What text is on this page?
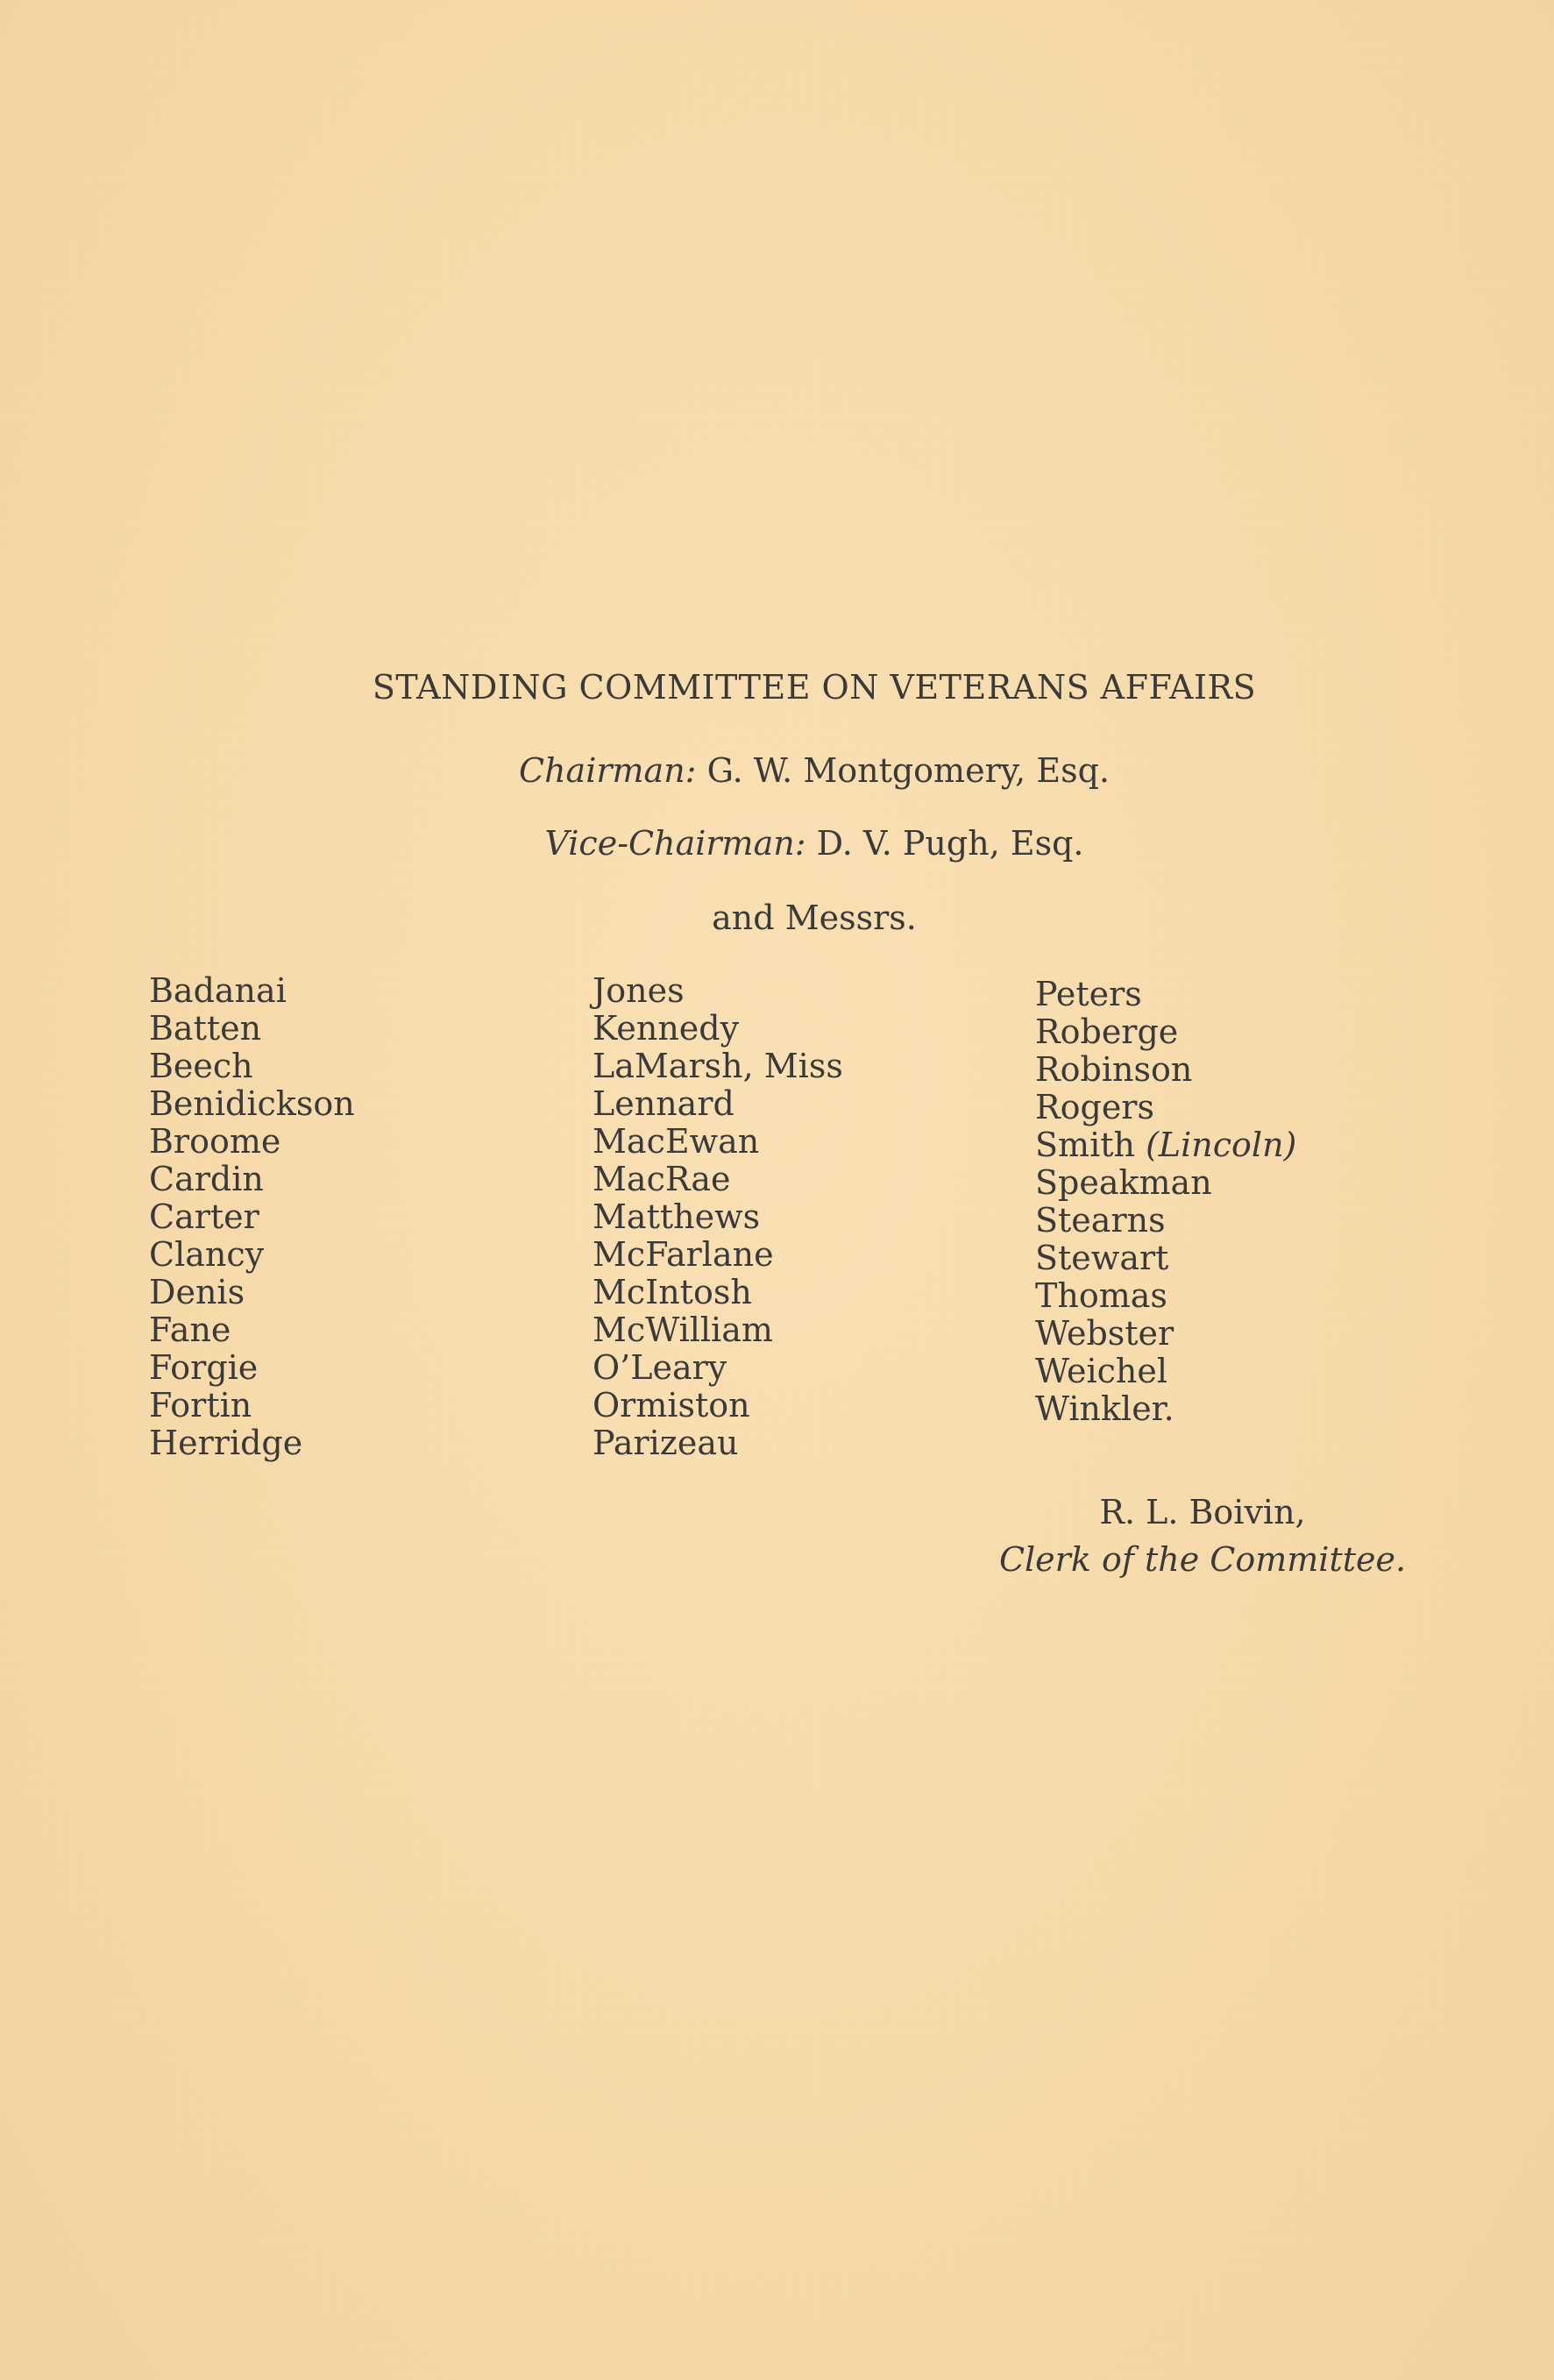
STANDING COMMITTEE ON VETERANS AFFAIRS
Chairman: G. W. Montgomery, Esq.
Vice-Chairman: D. V. Pugh, Esq.
and Messrs.
Badanai
Batten
Beech
Benidickson
Broome
Cardin
Carter
Clancy
Denis
Fane
Forgie
Fortin
Herridge
Jones
Kennedy
LaMarsh, Miss
Lennard
MacEwan
MacRae
Matthews
McFarlane
McIntosh
McWilliam
O’Leary
Ormiston
Parizeau
Peters
Roberge
Robinson
Rogers
Smith (Lincoln)
Speakman
Stearns
Stewart
Thomas
Webster
Weichel
Winkler.
R. L. Boivin,
Clerk of the Committee.
